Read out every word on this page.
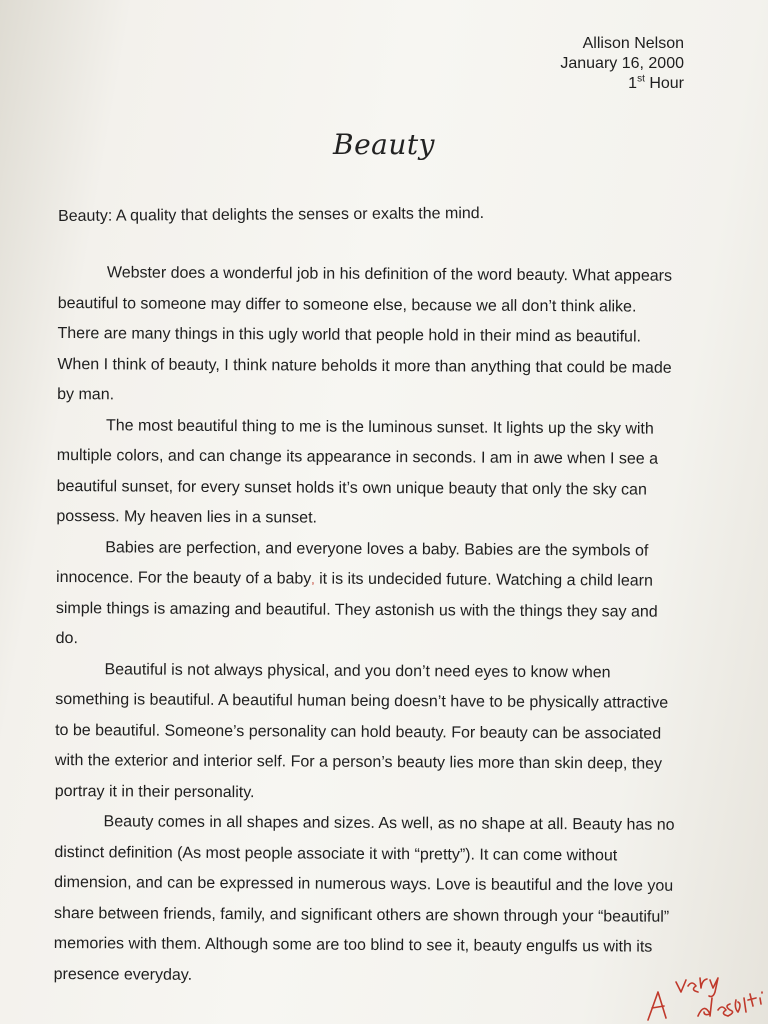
Allison Nelson
January 16, 2000
1st Hour
Beauty
Beauty: A quality that delights the senses or exalts the mind.

Webster does a wonderful job in his definition of the word beauty. What appears beautiful to someone may differ to someone else, because we all don’t think alike. There are many things in this ugly world that people hold in their mind as beautiful. When I think of beauty, I think nature beholds it more than anything that could be made by man.

The most beautiful thing to me is the luminous sunset. It lights up the sky with multiple colors, and can change its appearance in seconds. I am in awe when I see a beautiful sunset, for every sunset holds it’s own unique beauty that only the sky can possess. My heaven lies in a sunset.

Babies are perfection, and everyone loves a baby. Babies are the symbols of innocence. For the beauty of a baby, it is its undecided future. Watching a child learn simple things is amazing and beautiful. They astonish us with the things they say and do.

Beautiful is not always physical, and you don’t need eyes to know when something is beautiful. A beautiful human being doesn’t have to be physically attractive to be beautiful. Someone’s personality can hold beauty. For beauty can be associated with the exterior and interior self. For a person’s beauty lies more than skin deep, they portray it in their personality.

Beauty comes in all shapes and sizes. As well, as no shape at all. Beauty has no distinct definition (As most people associate it with “pretty”). It can come without dimension, and can be expressed in numerous ways. Love is beautiful and the love you share between friends, family, and significant others are shown through your “beautiful” memories with them. Although some are too blind to see it, beauty engulfs us with its presence everyday.
